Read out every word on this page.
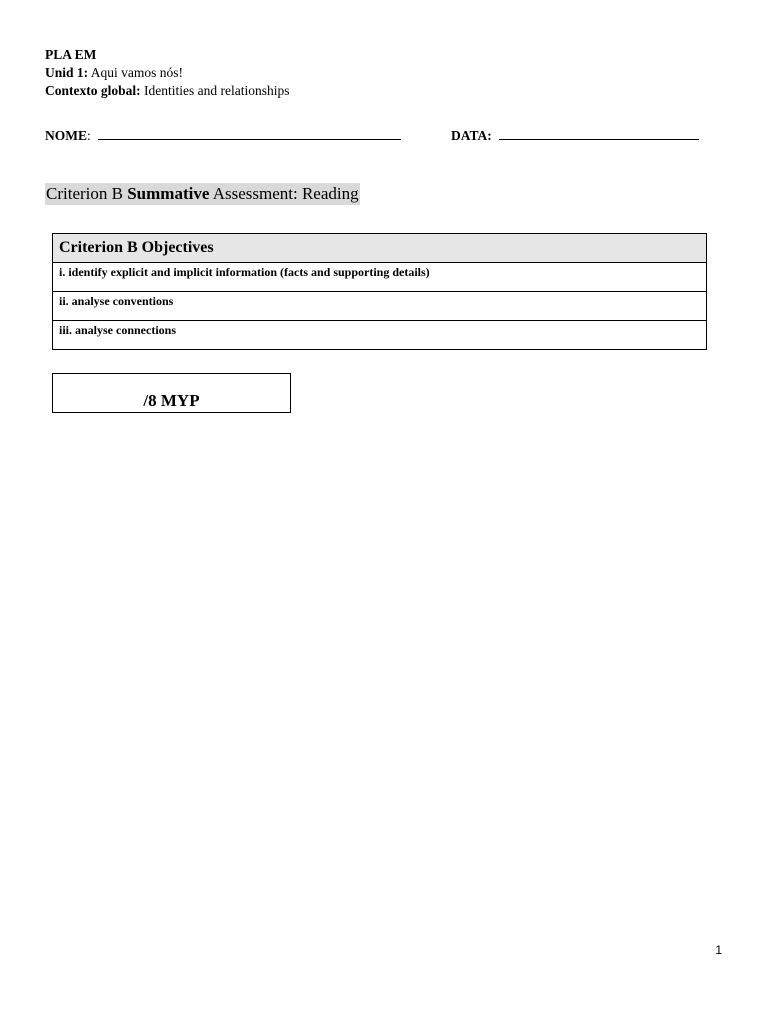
PLA EM
Unid 1: Aqui vamos nós!
Contexto global: Identities and relationships
NOME:	DATA:
Criterion B Summative Assessment: Reading
Criterion B Objectives
i. identify explicit and implicit information (facts and supporting details)
ii. analyse conventions
iii. analyse connections
/8 MYP
1
